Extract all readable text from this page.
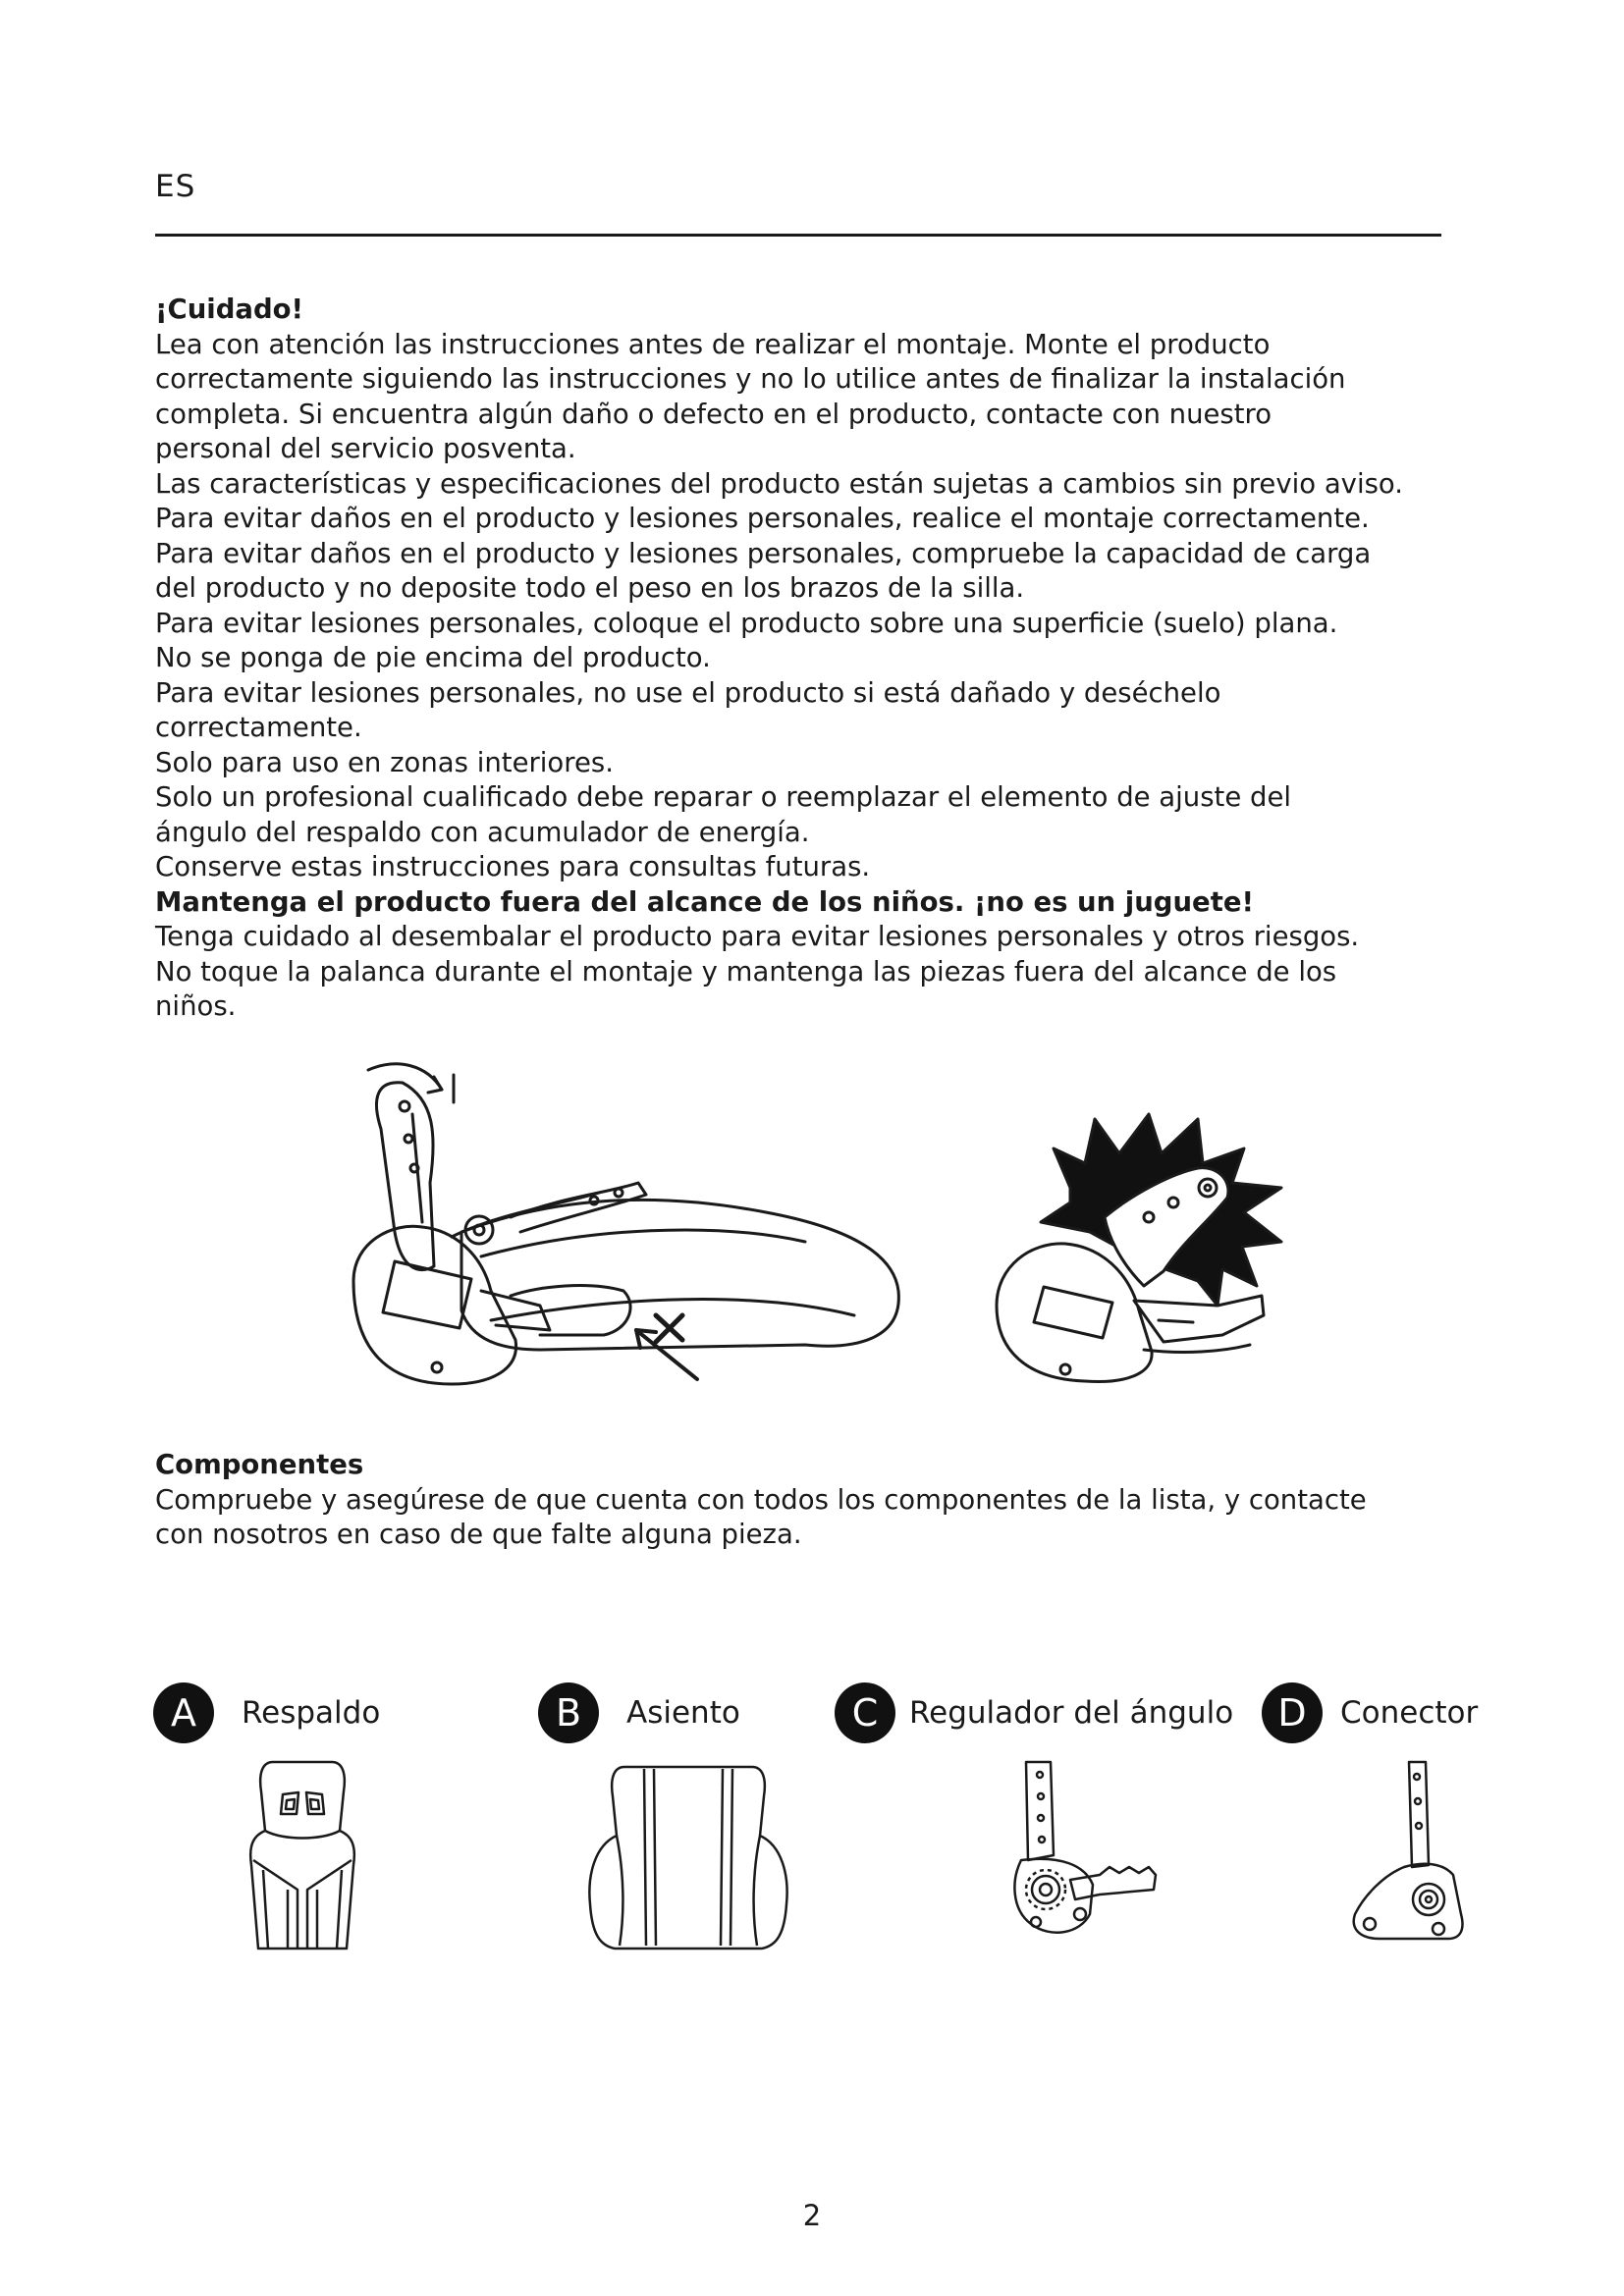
ES

¡Cuidado!

Lea con atención las instrucciones antes de realizar el montaje. Monte el producto

correctamente siguiendo las instrucciones y no lo utilice antes de finalizar la instalación

completa. Si encuentra algún daño o defecto en el producto, contacte con nuestro

personal del servicio posventa.

Las características y especificaciones del producto están sujetas a cambios sin previo aviso.

Para evitar daños en el producto y lesiones personales, realice el montaje correctamente.

Para evitar daños en el producto y lesiones personales, compruebe la capacidad de carga

del producto y no deposite todo el peso en los brazos de la silla.

Para evitar lesiones personales, coloque el producto sobre una superficie (suelo) plana.

No se ponga de pie encima del producto.

Para evitar lesiones personales, no use el producto si está dañado y deséchelo

correctamente.

Solo para uso en zonas interiores.

Solo un profesional cualificado debe reparar o reemplazar el elemento de ajuste del

ángulo del respaldo con acumulador de energía.

Conserve estas instrucciones para consultas futuras.

Mantenga el producto fuera del alcance de los niños. ¡no es un juguete!

Tenga cuidado al desembalar el producto para evitar lesiones personales y otros riesgos.

No toque la palanca durante el montaje y mantenga las piezas fuera del alcance de los

niños.

Componentes

Compruebe y asegúrese de que cuenta con todos los componentes de la lista, y contacte

con nosotros en caso de que falte alguna pieza.

A	Respaldo	B	Asiento	C	Regulador del ángulo	D	Conector
2
